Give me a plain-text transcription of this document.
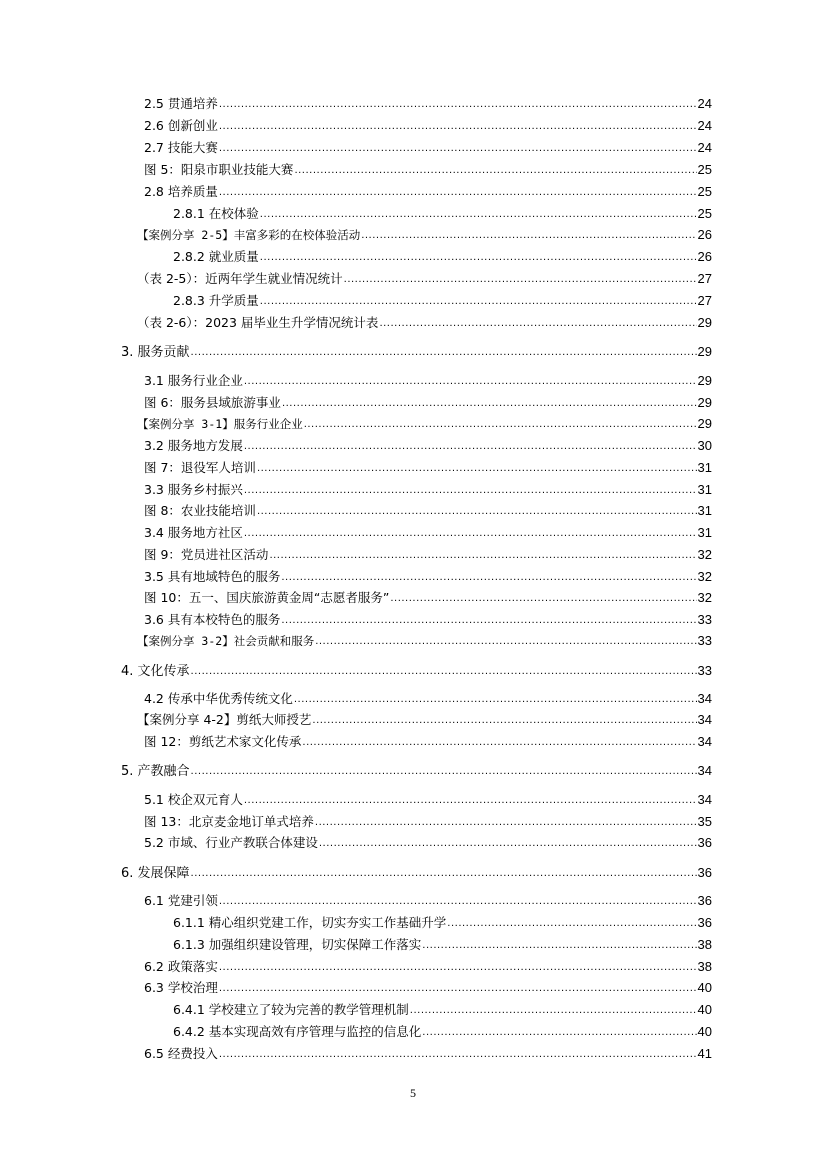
2.5 贯通培养 .....	24
2.6 创新创业 .....	24
2.7 技能大赛 .....	24
图 5：阳泉市职业技能大赛 .....	25
2.8 培养质量 .....	25
2.8.1 在校体验 .....	25
【案例分享 2-5】丰富多彩的在校体验活动 .....	26
2.8.2 就业质量 .....	26
（表 2-5）：近两年学生就业情况统计 .....	27
2.8.3 升学质量 .....	27
（表 2-6）：2023 届毕业生升学情况统计表 .....	29
3. 服务贡献 .....	29
3.1 服务行业企业 .....	29
图 6：服务县域旅游事业 .....	29
【案例分享 3-1】服务行业企业 .....	29
3.2 服务地方发展 .....	30
图 7：退役军人培训 .....	31
3.3 服务乡村振兴 .....	31
图 8：农业技能培训 .....	31
3.4 服务地方社区 .....	31
图 9：党员进社区活动 .....	32
3.5 具有地域特色的服务 .....	32
图 10：五一、国庆旅游黄金周“志愿者服务” .....	32
3.6 具有本校特色的服务 .....	33
【案例分享 3-2】社会贡献和服务 .....	33
4. 文化传承 .....	33
4.2 传承中华优秀传统文化 .....	34
【案例分享 4-2】剪纸大师授艺 .....	34
图 12：剪纸艺术家文化传承 .....	34
5. 产教融合 .....	34
5.1 校企双元育人 .....	34
图 13：北京麦金地订单式培养 .....	35
5.2 市域、行业产教联合体建设 .....	36
6. 发展保障 .....	36
6.1 党建引领 .....	36
6.1.1 精心组织党建工作，切实夯实工作基础升学 .....	36
6.1.3 加强组织建设管理，切实保障工作落实 .....	38
6.2 政策落实 .....	38
6.3 学校治理 .....	40
6.4.1 学校建立了较为完善的教学管理机制 .....	40
6.4.2 基本实现高效有序管理与监控的信息化 .....	40
6.5 经费投入 .....	41
5
